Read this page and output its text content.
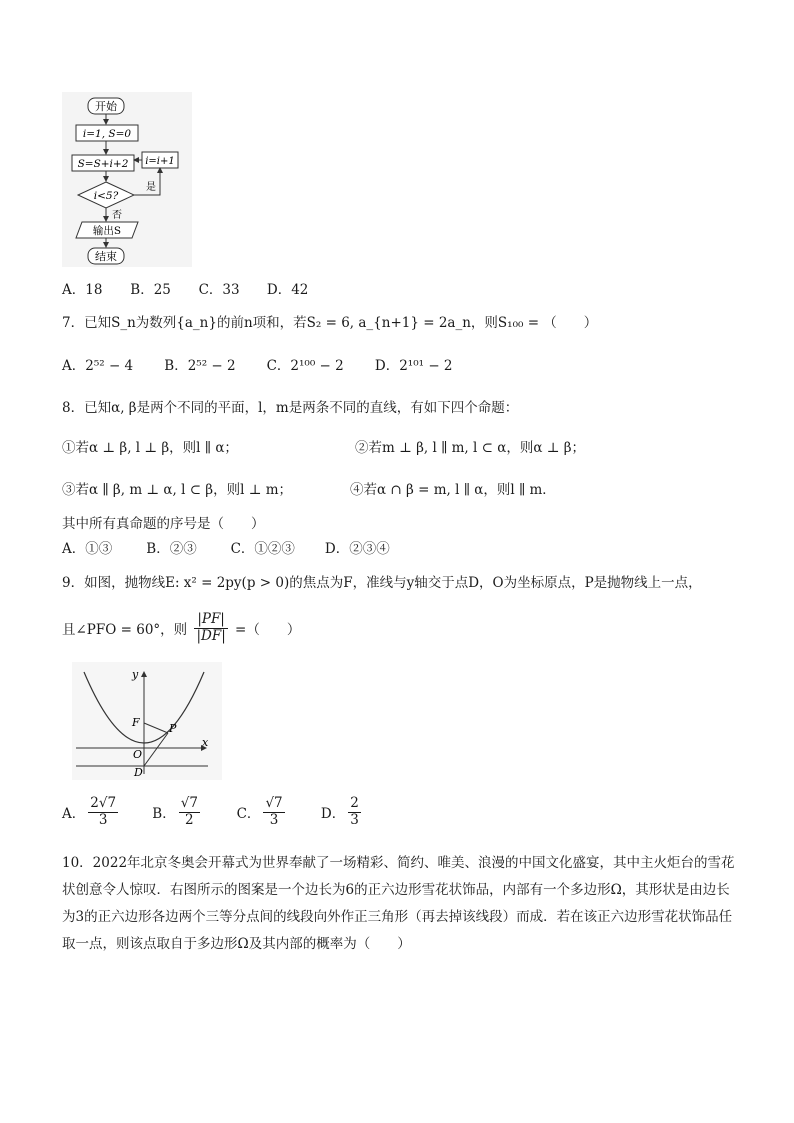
开始
i=1, S=0
S=S+i+2 i=i+1
i<5?
是
否
输出S
结束
A．18 B．25 C．33 D．42
7．已知S_n为数列{a_n}的前n项和，若S₂ = 6, a_{n+1} = 2a_n，则S₁₀₀ = （　　）
A．2⁵² − 4 B．2⁵² − 2 C．2¹⁰⁰ − 2 D．2¹⁰¹ − 2
8．已知α, β是两个不同的平面，l，m是两条不同的直线，有如下四个命题：
①若α ⊥ β, l ⊥ β，则l ∥ α；	②若m ⊥ β, l ∥ m, l ⊂ α，则α ⊥ β；
③若α ∥ β, m ⊥ α, l ⊂ β，则l ⊥ m；	④若α ∩ β = m, l ∥ α，则l ∥ m．
其中所有真命题的序号是（　　）
A．①③	B．②③	C．①②③ D．②③④
9．如图，抛物线E: x² = 2py(p > 0)的焦点为F，准线与y轴交于点D，O为坐标原点，P是抛物线上一点，
且∠PFO = 60°，则 $\frac{|PF|}{|DF|}$ =（　　）
y
x
F	P
O
D
A． $\frac{2√7}{3}$	B． $\frac{√7}{2}$	C． $\frac{√7}{3}$	D． $\frac{2}{3}$
10．2022年北京冬奥会开幕式为世界奉献了一场精彩、简约、唯美、浪漫的中国文化盛宴，其中主火炬台的雪花状创意令人惊叹．右图所示的图案是一个边长为6的正六边形雪花状饰品，内部有一个多边形Ω，其形状是由边长为3的正六边形各边两个三等分点间的线段向外作正三角形（再去掉该线段）而成．若在该正六边形雪花状饰品任取一点，则该点取自于多边形Ω及其内部的概率为（　　）
